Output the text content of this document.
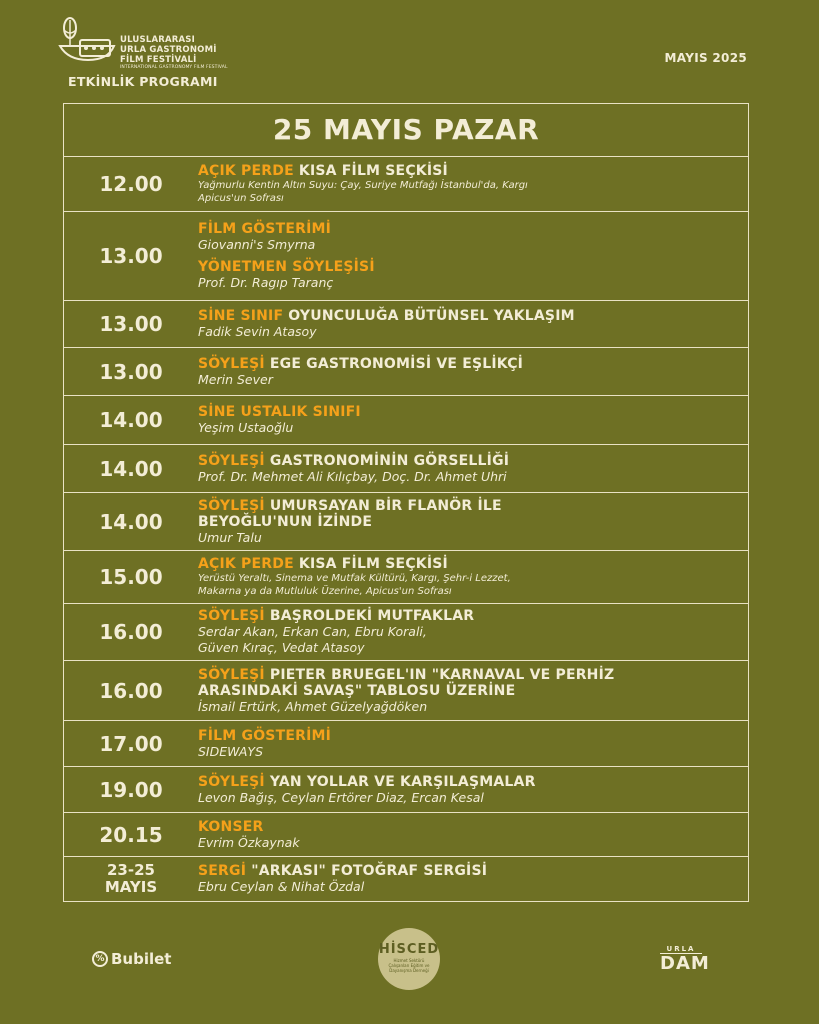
ULUSLARARASI
URLA GASTRONOMİ
FİLM FESTİVALİ
INTERNATIONAL GASTRONOMY FILM FESTIVAL
ETKİNLİK PROGRAMI
MAYIS 2025
25 MAYIS PAZAR
12.00
AÇIK PERDE KISA FİLM SEÇKİSİ
Yağmurlu Kentin Altın Suyu: Çay, Suriye Mutfağı İstanbul'da, Kargı
Apicus'un Sofrası
13.00
FİLM GÖSTERİMİ
Giovanni's Smyrna
YÖNETMEN SÖYLEŞİSİ
Prof. Dr. Ragıp Taranç
13.00	SİNE SINIF OYUNCULUĞA BÜTÜNSEL YAKLAŞIM
Fadik Sevin Atasoy
13.00	SÖYLEŞİ EGE GASTRONOMİSİ VE EŞLİKÇİ
Merin Sever
14.00	SİNE USTALIK SINIFI
Yeşim Ustaoğlu
14.00	SÖYLEŞİ GASTRONOMİNİN GÖRSELLİĞİ
Prof. Dr. Mehmet Ali Kılıçbay, Doç. Dr. Ahmet Uhri
14.00
SÖYLEŞİ UMURSAYAN BİR FLANÖR İLE
BEYOĞLU'NUN İZİNDE
Umur Talu
15.00
AÇIK PERDE KISA FİLM SEÇKİSİ
Yerüstü Yeraltı, Sinema ve Mutfak Kültürü, Kargı, Şehr-i Lezzet,
Makarna ya da Mutluluk Üzerine, Apicus'un Sofrası
16.00
SÖYLEŞİ BAŞROLDEKİ MUTFAKLAR
Serdar Akan, Erkan Can, Ebru Korali,
Güven Kıraç, Vedat Atasoy
16.00
SÖYLEŞİ PIETER BRUEGEL'IN "KARNAVAL VE PERHİZ
ARASINDAKİ SAVAŞ" TABLOSU ÜZERİNE
İsmail Ertürk, Ahmet Güzelyağdöken
17.00	FİLM GÖSTERİMİ
SIDEWAYS
19.00	SÖYLEŞİ YAN YOLLAR VE KARŞILAŞMALAR
Levon Bağış, Ceylan Ertörer Diaz, Ercan Kesal
20.15	KONSER
Evrim Özkaynak
23-25
MAYIS
SERGİ "ARKASI" FOTOĞRAF SERGİSİ
Ebru Ceylan & Nihat Özdal
% Bubilet
HİSCED
Hizmet Sektörü Çalışanları Eğitim ve Dayanışma Derneği
URLA
DAM
